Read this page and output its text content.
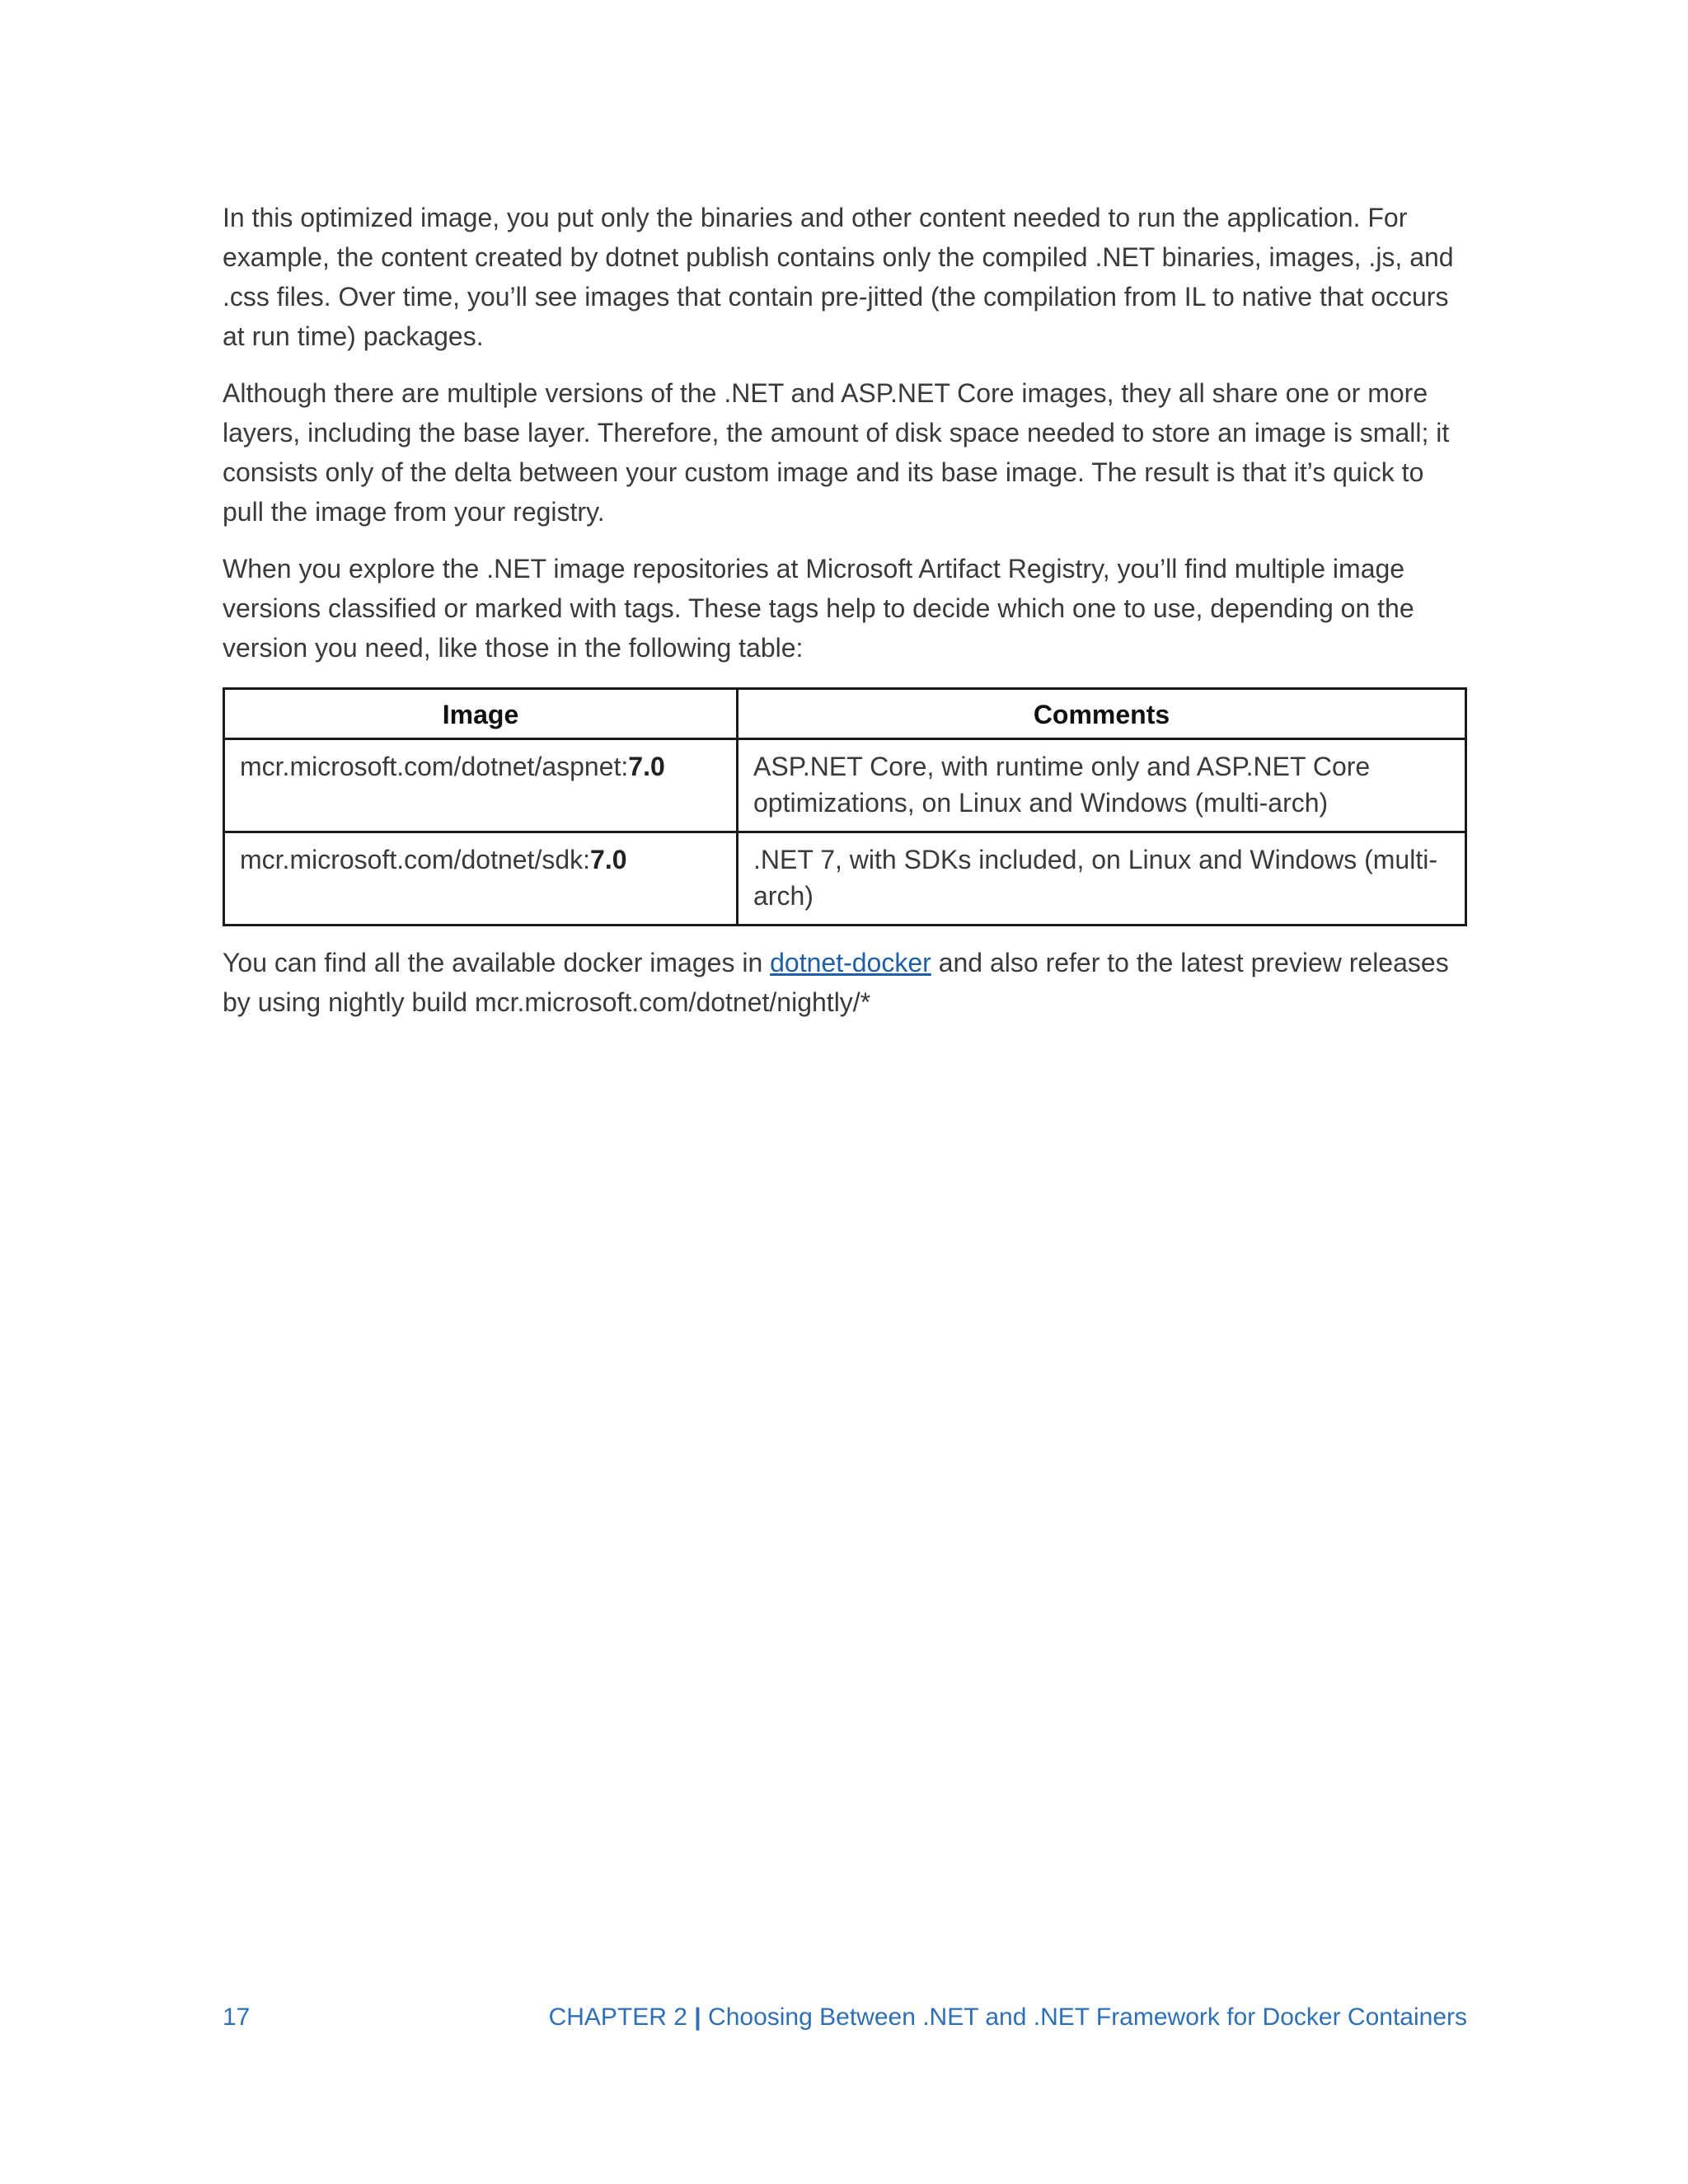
In this optimized image, you put only the binaries and other content needed to run the application. For example, the content created by dotnet publish contains only the compiled .NET binaries, images, .js, and .css files. Over time, you’ll see images that contain pre-jitted (the compilation from IL to native that occurs at run time) packages.

Although there are multiple versions of the .NET and ASP.NET Core images, they all share one or more layers, including the base layer. Therefore, the amount of disk space needed to store an image is small; it consists only of the delta between your custom image and its base image. The result is that it’s quick to pull the image from your registry.

When you explore the .NET image repositories at Microsoft Artifact Registry, you’ll find multiple image versions classified or marked with tags. These tags help to decide which one to use, depending on the version you need, like those in the following table:

Image	Comments
mcr.microsoft.com/dotnet/aspnet:7.0	ASP.NET Core, with runtime only and ASP.NET Core optimizations, on Linux and Windows (multi-arch)
mcr.microsoft.com/dotnet/sdk:7.0	.NET 7, with SDKs included, on Linux and Windows (multi-arch)

You can find all the available docker images in dotnet-docker and also refer to the latest preview releases by using nightly build mcr.microsoft.com/dotnet/nightly/*

17	CHAPTER 2 | Choosing Between .NET and .NET Framework for Docker Containers
